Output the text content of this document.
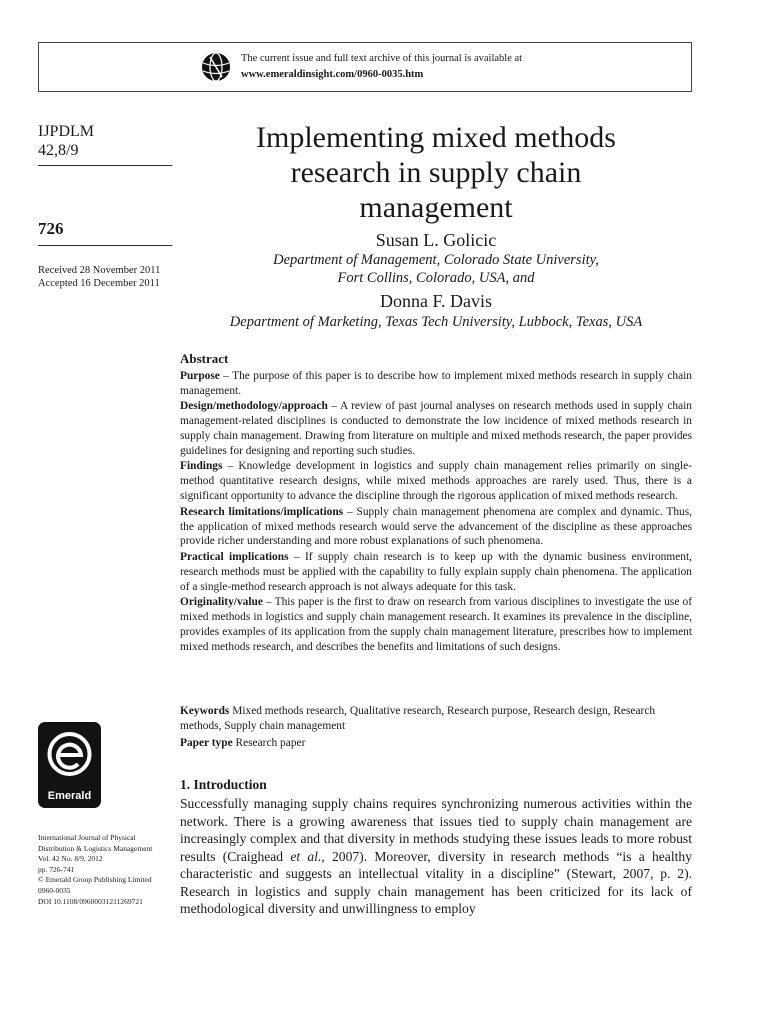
The current issue and full text archive of this journal is available at
www.emeraldinsight.com/0960-0035.htm
IJPDLM
42,8/9
726
Received 28 November 2011
Accepted 16 December 2011
Emerald
International Journal of Physical
Distribution & Logistics Management
Vol. 42 No. 8/9, 2012
pp. 726-741
© Emerald Group Publishing Limited
0960-0035
DOI 10.1108/09600031211269721
Implementing mixed methods
research in supply chain
management
Susan L. Golicic
Department of Management, Colorado State University,
Fort Collins, Colorado, USA, and
Donna F. Davis
Department of Marketing, Texas Tech University, Lubbock, Texas, USA
Abstract

Purpose – The purpose of this paper is to describe how to implement mixed methods research in supply chain management.

Design/methodology/approach – A review of past journal analyses on research methods used in supply chain management-related disciplines is conducted to demonstrate the low incidence of mixed methods research in supply chain management. Drawing from literature on multiple and mixed methods research, the paper provides guidelines for designing and reporting such studies.

Findings – Knowledge development in logistics and supply chain management relies primarily on single-method quantitative research designs, while mixed methods approaches are rarely used. Thus, there is a significant opportunity to advance the discipline through the rigorous application of mixed methods research.

Research limitations/implications – Supply chain management phenomena are complex and dynamic. Thus, the application of mixed methods research would serve the advancement of the discipline as these approaches provide richer understanding and more robust explanations of such phenomena.

Practical implications – If supply chain research is to keep up with the dynamic business environment, research methods must be applied with the capability to fully explain supply chain phenomena. The application of a single-method research approach is not always adequate for this task.

Originality/value – This paper is the first to draw on research from various disciplines to investigate the use of mixed methods in logistics and supply chain management research. It examines its prevalence in the discipline, provides examples of its application from the supply chain management literature, prescribes how to implement mixed methods research, and describes the benefits and limitations of such designs.

Keywords Mixed methods research, Qualitative research, Research purpose, Research design, Research methods, Supply chain management
Paper type Research paper
1. Introduction

Successfully managing supply chains requires synchronizing numerous activities within the network. There is a growing awareness that issues tied to supply chain management are increasingly complex and that diversity in methods studying these issues leads to more robust results (Craighead et al., 2007). Moreover, diversity in research methods “is a healthy characteristic and suggests an intellectual vitality in a discipline” (Stewart, 2007, p. 2). Research in logistics and supply chain management has been criticized for its lack of methodological diversity and unwillingness to employ
